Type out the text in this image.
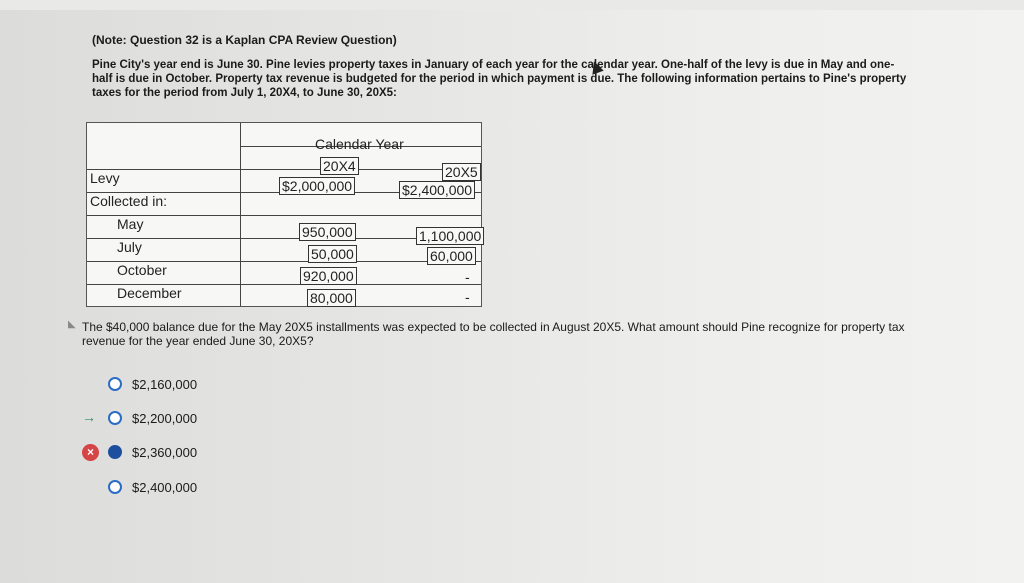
(Note: Question 32 is a Kaplan CPA Review Question)
Pine City's year end is June 30. Pine levies property taxes in January of each year for the calendar year. One-half of the levy is due in May and one-half is due in October. Property tax revenue is budgeted for the period in which payment is due. The following information pertains to Pine's property taxes for the period from July 1, 20X4, to June 30, 20X5:
Calendar Year
20X4	20X5
Levy	$2,000,000	$2,400,000
Collected in:
May	950,000	1,100,000
July	50,000	60,000
October	920,000	-
December	80,000	-
◣ The $40,000 balance due for the May 20X5 installments was expected to be collected in August 20X5. What amount should Pine recognize for property tax revenue for the year ended June 30, 20X5?
$2,160,000
→	$2,200,000
×	$2,360,000
$2,400,000
